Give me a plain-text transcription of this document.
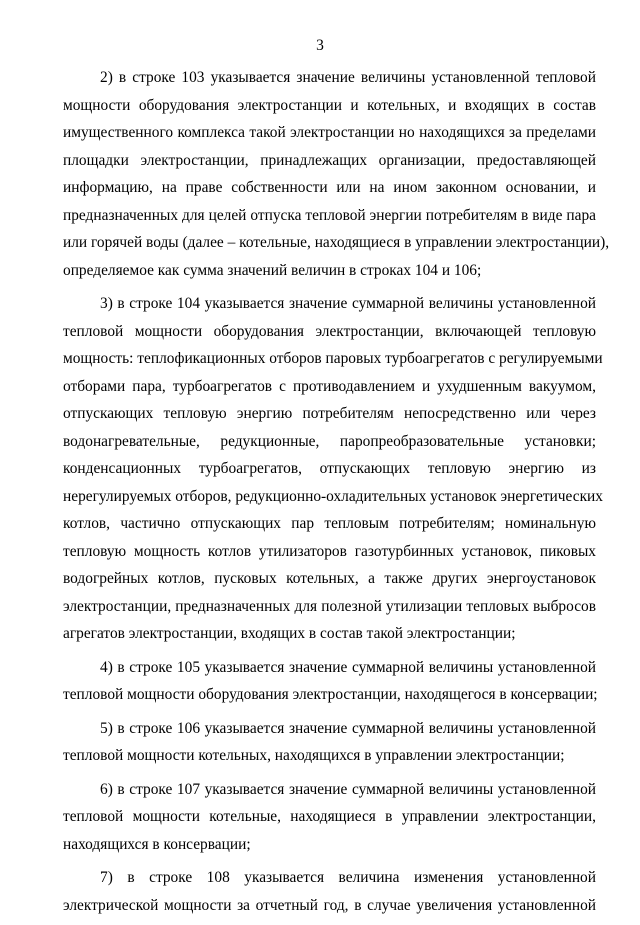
3
2) в строке 103 указывается значение величины установленной тепловой
мощности оборудования электростанции и котельных, и входящих в состав
имущественного комплекса такой электростанции но находящихся за пределами
площадки электростанции, принадлежащих организации, предоставляющей
информацию, на праве собственности или на ином законном основании, и
предназначенных для целей отпуска тепловой энергии потребителям в виде пара
или горячей воды (далее – котельные, находящиеся в управлении электростанции),
определяемое как сумма значений величин в строках 104 и 106;
3) в строке 104 указывается значение суммарной величины установленной
тепловой мощности оборудования электростанции, включающей тепловую
мощность: теплофикационных отборов паровых турбоагрегатов с регулируемыми
отборами пара, турбоагрегатов с противодавлением и ухудшенным вакуумом,
отпускающих тепловую энергию потребителям непосредственно или через
водонагревательные, редукционные, паропреобразовательные установки;
конденсационных турбоагрегатов, отпускающих тепловую энергию из
нерегулируемых отборов, редукционно-охладительных установок энергетических
котлов, частично отпускающих пар тепловым потребителям; номинальную
тепловую мощность котлов утилизаторов газотурбинных установок, пиковых
водогрейных котлов, пусковых котельных, а также других энергоустановок
электростанции, предназначенных для полезной утилизации тепловых выбросов
агрегатов электростанции, входящих в состав такой электростанции;
4) в строке 105 указывается значение суммарной величины установленной
тепловой мощности оборудования электростанции, находящегося в консервации;
5) в строке 106 указывается значение суммарной величины установленной
тепловой мощности котельных, находящихся в управлении электростанции;
6) в строке 107 указывается значение суммарной величины установленной
тепловой мощности котельные, находящиеся в управлении электростанции,
находящихся в консервации;
7) в строке 108 указывается величина изменения установленной
электрической мощности за отчетный год, в случае увеличения установленной
